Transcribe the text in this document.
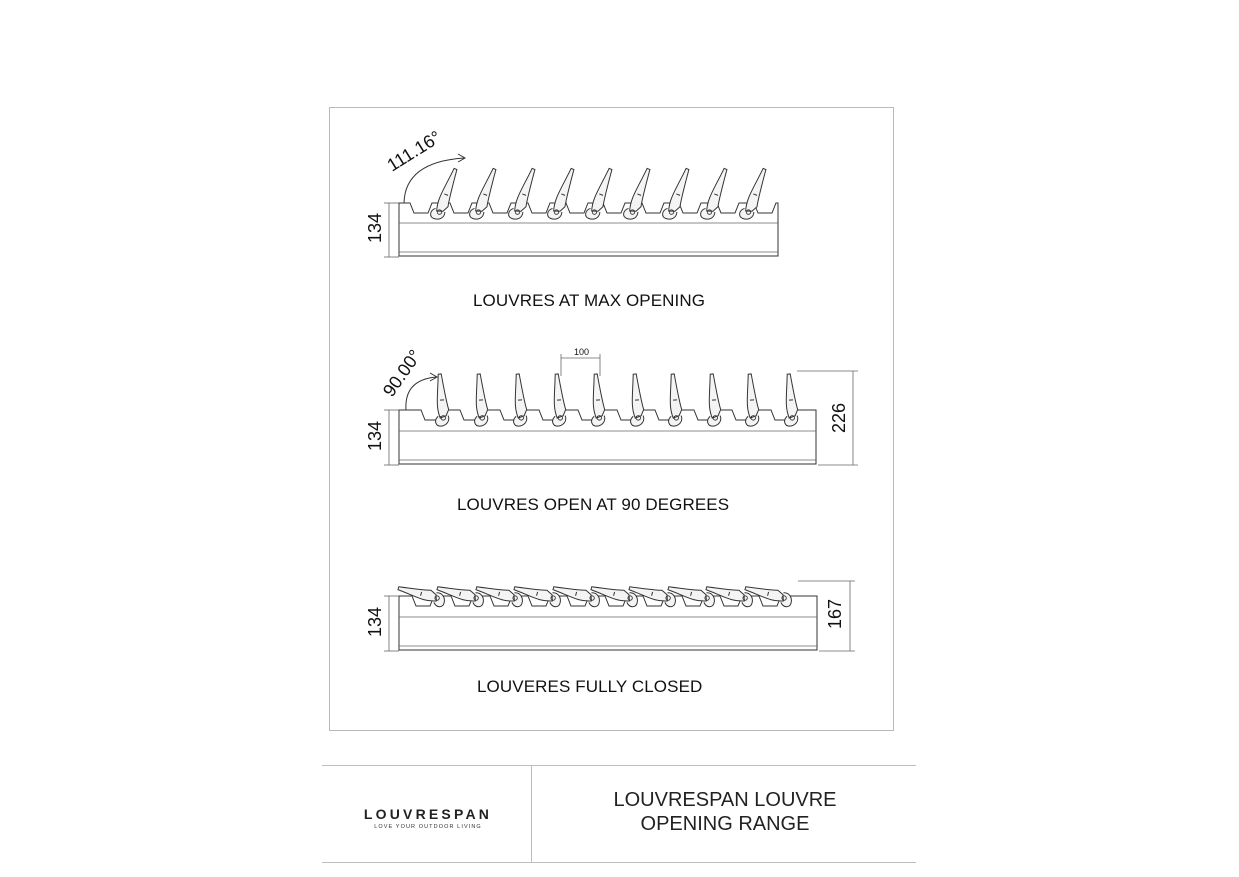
111.16°
134
90.00°	100
134
226
134	167
LOUVRES AT MAX OPENING
LOUVRES OPEN AT 90 DEGREES
LOUVERES FULLY CLOSED
LOUVRESPAN
LOVE YOUR OUTDOOR LIVING
LOUVRESPAN LOUVRE
OPENING RANGE
